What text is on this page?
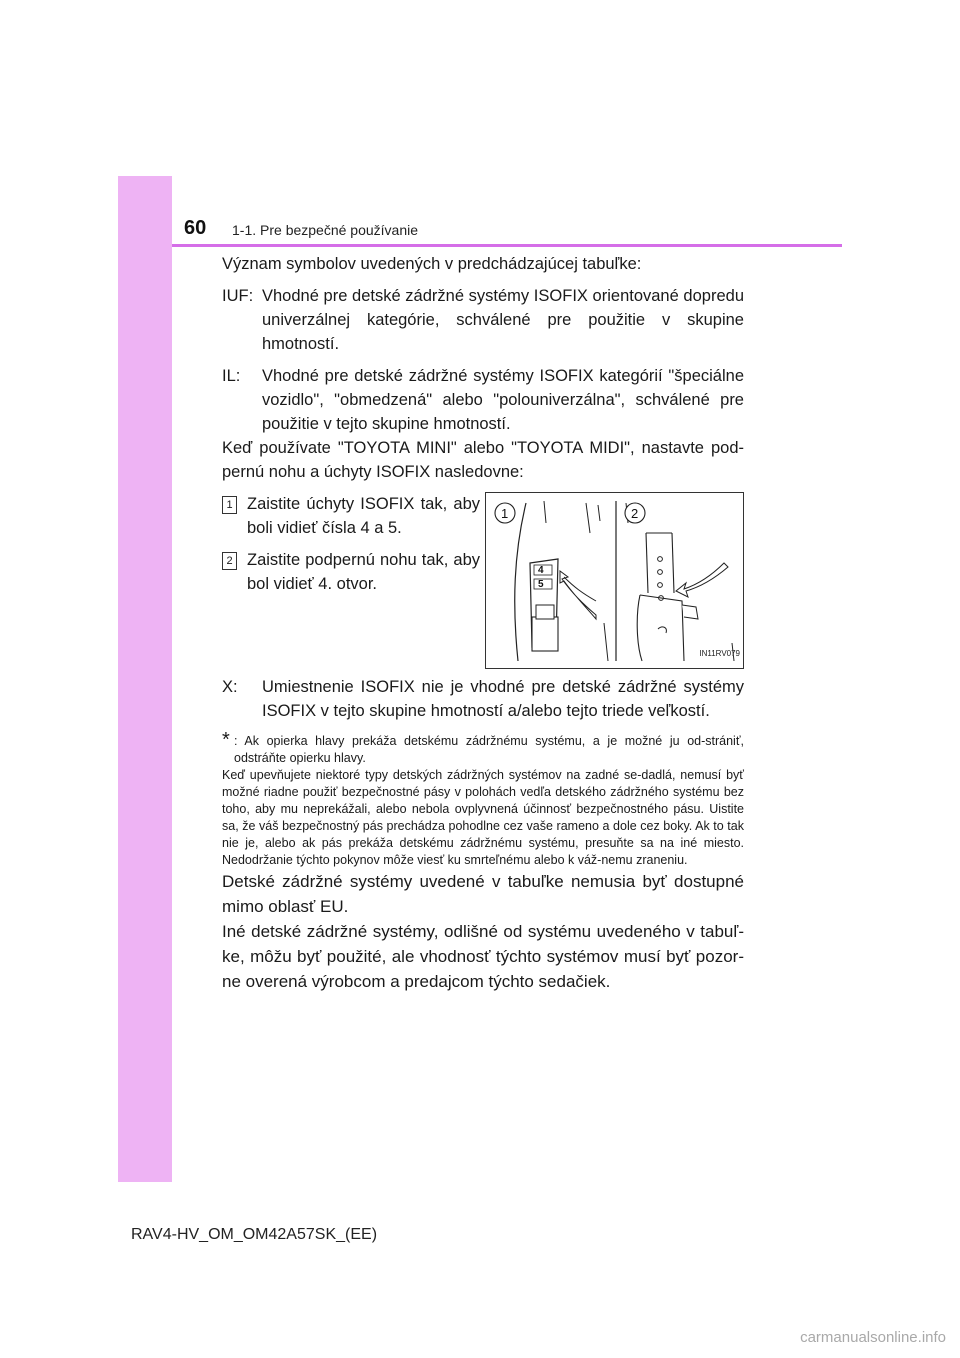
60 1-1. Pre bezpečné používanie

Význam symbolov uvedených v predchádzajúcej tabuľke:

IUF: Vhodné pre detské zádržné systémy ISOFIX orientované dopredu univerzálnej kategórie, schválené pre použitie v skupine hmotností.
IL:	Vhodné pre detské zádržné systémy ISOFIX kategórií "špeciálne vozidlo", "obmedzená" alebo "polouniverzálna", schválené pre použitie v tejto skupine hmotností.

Keď používate "TOYOTA MINI" alebo "TOYOTA MIDI", nastavte pod-pernú nohu a úchyty ISOFIX nasledovne:

1 Zaistite úchyty ISOFIX tak, aby boli vidieť čísla 4 a 5.
2 Zaistite podpernú nohu tak, aby bol vidieť 4. otvor.
4
5
1	2
IN11RV079
X:	Umiestnenie ISOFIX nie je vhodné pre detské zádržné systémy ISOFIX v tejto skupine hmotností a/alebo tejto triede veľkostí.
* : Ak opierka hlavy prekáža detskému zádržnému systému, a je možné ju od-strániť, odstráňte opierku hlavy.

Keď upevňujete niektoré typy detských zádržných systémov na zadné se-dadlá, nemusí byť možné riadne použiť bezpečnostné pásy v polohách vedľa detského zádržného systému bez toho, aby mu neprekážali, alebo nebola ovplyvnená účinnosť bezpečnostného pásu. Uistite sa, že váš bezpečnostný pás prechádza pohodlne cez vaše rameno a dole cez boky. Ak to tak nie je, alebo ak pás prekáža detskému zádržnému systému, presuňte sa na iné miesto. Nedodržanie týchto pokynov môže viesť ku smrteľnému alebo k váž-nemu zraneniu.

Detské zádržné systémy uvedené v tabuľke nemusia byť dostupné mimo oblasť EU.

Iné detské zádržné systémy, odlišné od systému uvedeného v tabuľ-ke, môžu byť použité, ale vhodnosť týchto systémov musí byť pozor-ne overená výrobcom a predajcom týchto sedačiek.

RAV4-HV_OM_OM42A57SK_(EE)
carmanualsonline.info
